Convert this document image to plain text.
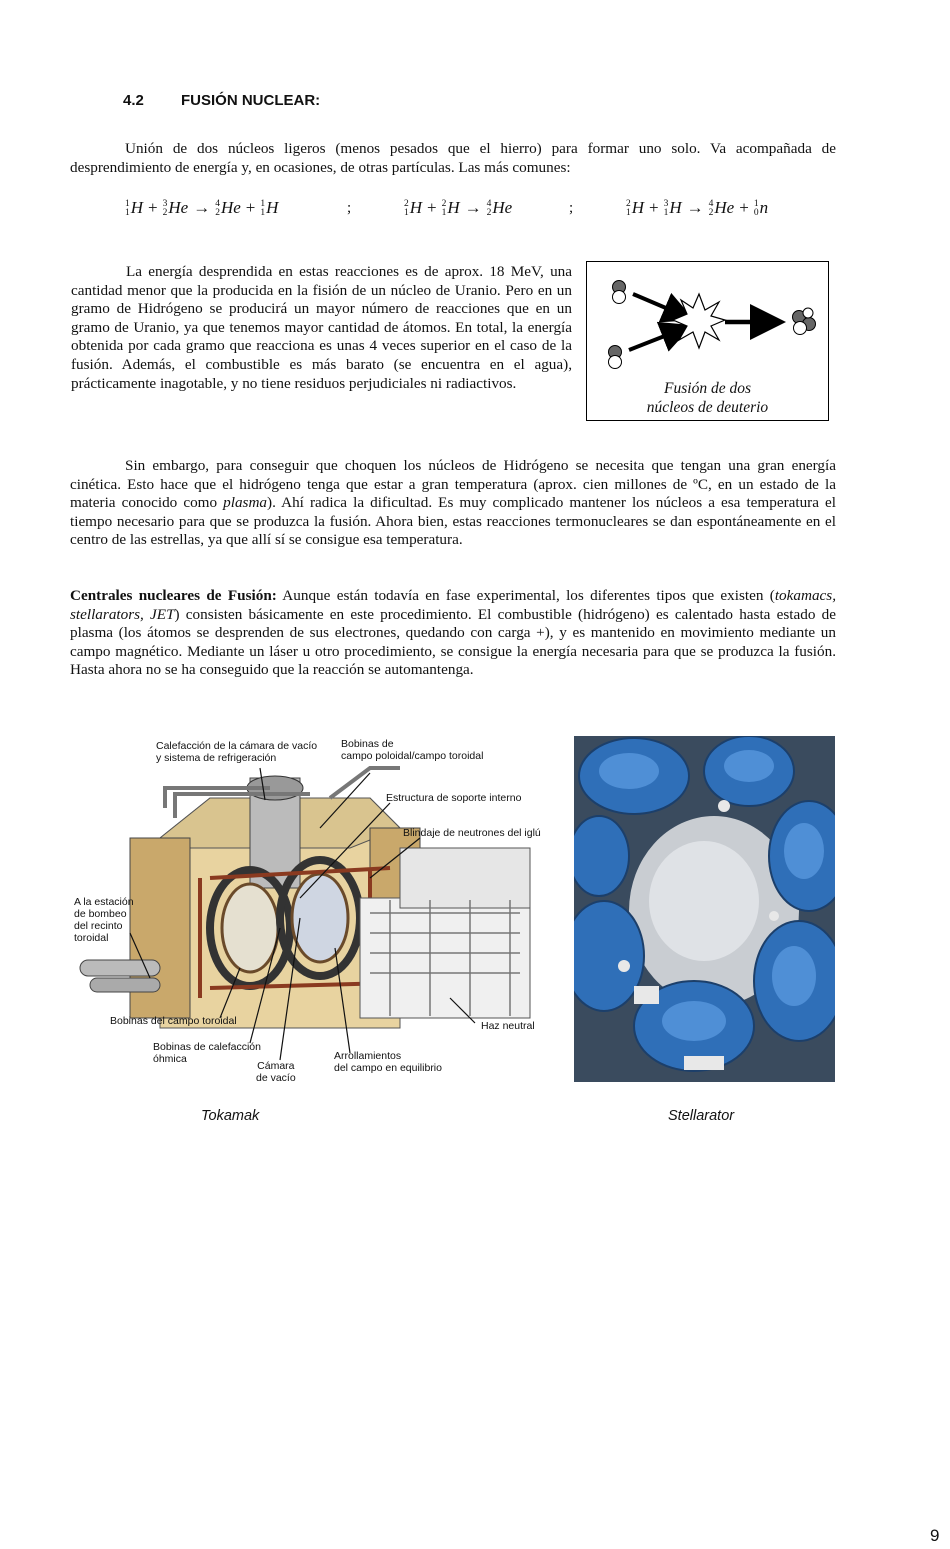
4.2 FUSIÓN NUCLEAR:

Unión de dos núcleos ligeros (menos pesados que el hierro) para formar uno solo. Va acompañada de desprendimiento de energía y, en ocasiones, de otras partículas. Las más comunes:

1
1 H + 3
2 He → 4
2 He + 1
1 H	;	2
1 H + 2
1 H → 4
2 He	;	2
1 H + 3
1 H → 4
2 He + 1
0 n

La energía desprendida en estas reacciones es de aprox. 18 MeV, una cantidad menor que la producida en la fisión de un núcleo de Uranio. Pero en un gramo de Hidrógeno se producirá un mayor número de reacciones que en un gramo de Uranio, ya que tenemos mayor cantidad de átomos. En total, la energía obtenida por cada gramo que reacciona es unas 4 veces superior en el caso de la fusión. Además, el combustible es más barato (se encuentra en el agua), prácticamente inagotable, y no tiene residuos perjudiciales ni radiactivos.	Fusión de dos
núcleos de deuterio

Sin embargo, para conseguir que choquen los núcleos de Hidrógeno se necesita que tengan una gran energía cinética. Esto hace que el hidrógeno tenga que estar a gran temperatura (aprox. cien millones de ºC, en un estado de la materia conocido como plasma). Ahí radica la dificultad. Es muy complicado mantener los núcleos a esa temperatura el tiempo necesario para que se produzca la fusión. Ahora bien, estas reacciones termonucleares se dan espontáneamente en el centro de las estrellas, ya que allí sí se consigue esa temperatura.

Centrales nucleares de Fusión: Aunque están todavía en fase experimental, los diferentes tipos que existen (tokamacs, stellarators, JET) consisten básicamente en este procedimiento. El combustible (hidrógeno) es calentado hasta estado de plasma (los átomos se desprenden de sus electrones, quedando con carga +), y es mantenido en movimiento mediante un campo magnético. Mediante un láser u otro procedimiento, se consigue la energía necesaria para que se produzca la fusión. Hasta ahora no se ha conseguido que la reacción se automantenga.

Calefacción de la cámara de vacío
y sistema de refrigeración
Bobinas de
campo poloidal/campo toroidal
Estructura de soporte interno
Blindaje de neutrones del iglú
A la estación
de bombeo
del recinto
toroidal
Bobinas del campo toroidal	Haz neutral
Bobinas de calefacción
óhmica
Cámara
de vacío
Arrollamientos
del campo en equilibrio
Tokamak	Stellarator
9
